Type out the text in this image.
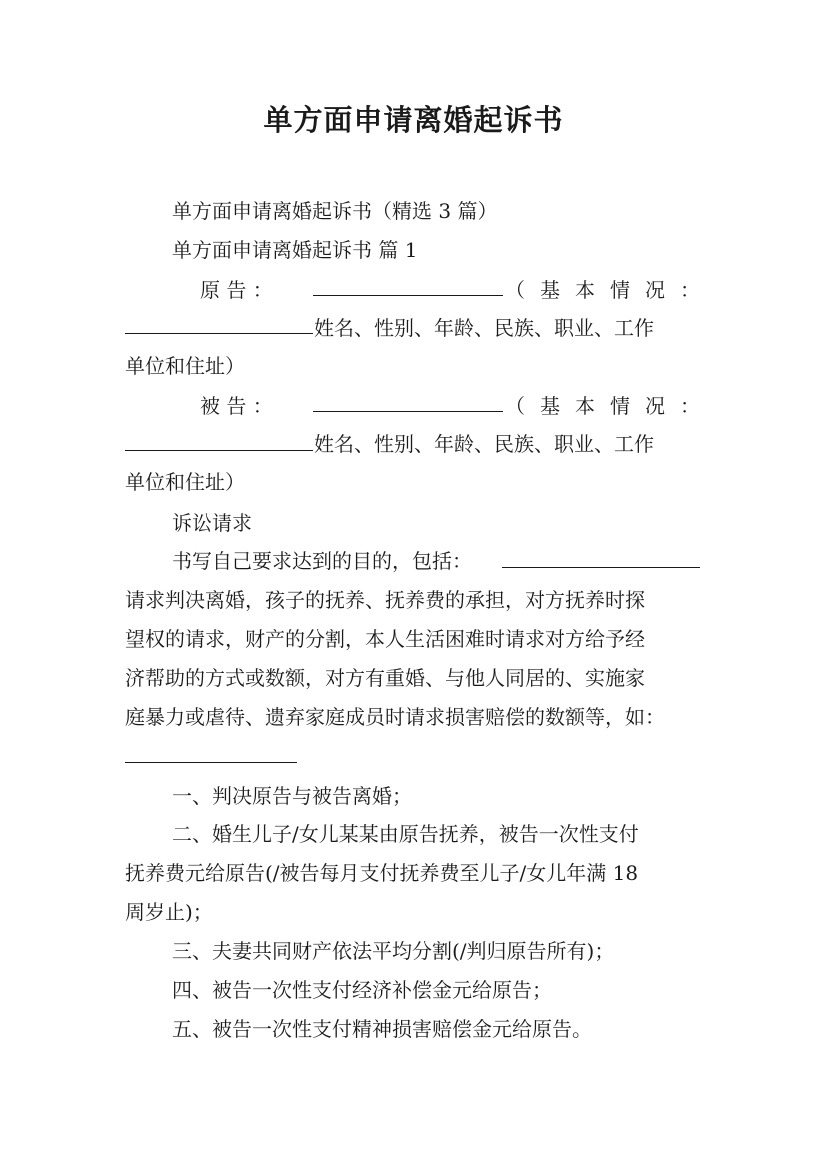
单方面申请离婚起诉书
单方面申请离婚起诉书（精选 3 篇）
单方面申请离婚起诉书 篇 1
原 告 ：	（ 基 本 情 况 ：
姓名、性别、年龄、民族、职业、工作
单位和住址）
被 告 ：	（ 基 本 情 况 ：
姓名、性别、年龄、民族、职业、工作
单位和住址）
诉讼请求
书写自己要求达到的目的，包括：
请求判决离婚，孩子的抚养、抚养费的承担，对方抚养时探
望权的请求，财产的分割，本人生活困难时请求对方给予经
济帮助的方式或数额，对方有重婚、与他人同居的、实施家
庭暴力或虐待、遗弃家庭成员时请求损害赔偿的数额等，如：
一、判决原告与被告离婚；
二、婚生儿子/女儿某某由原告抚养，被告一次性支付
抚养费元给原告(/被告每月支付抚养费至儿子/女儿年满 18
周岁止)；
三、夫妻共同财产依法平均分割(/判归原告所有)；
四、被告一次性支付经济补偿金元给原告；
五、被告一次性支付精神损害赔偿金元给原告。
